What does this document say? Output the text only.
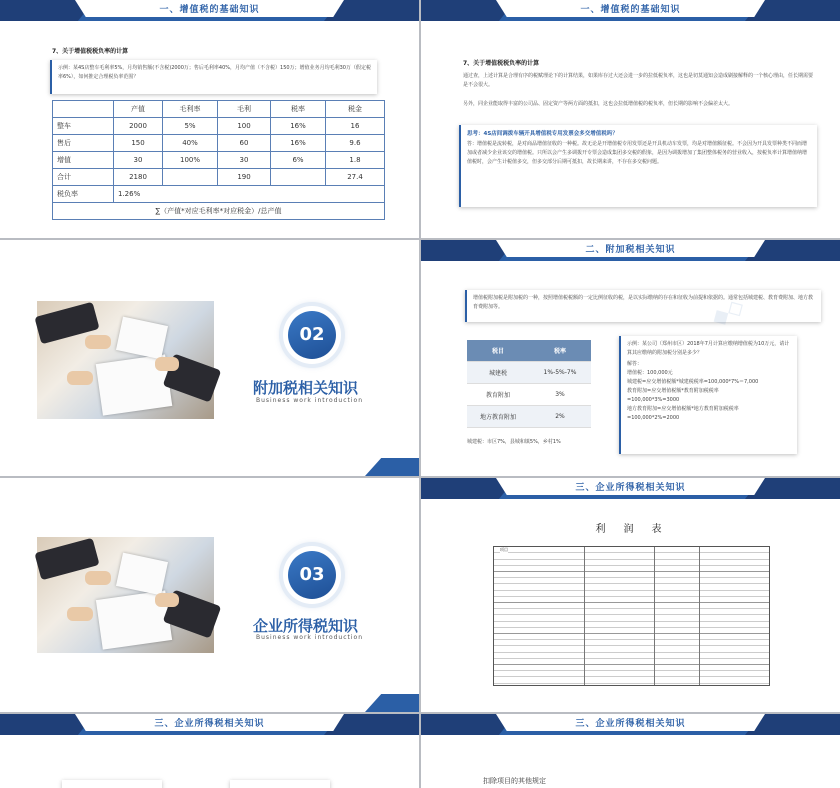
一、增值税的基础知识
7、关于增值税税负率的计算
示例：某4S店整车毛利率5%，月均销售额(不含税)2000万；售后毛利率40%，月均产值（不含税）150万；增值业务月均毛利30万（假定税率6%），如何推定合理税负率范围？
	产值	毛利率	毛利	税率	税金
整车	2000	5%	100	16%	16
售后	150	40%	60	16%	9.6
增值	30	100%	30	6%	1.8
合计	2180		190		27.4
税负率	1.26%				
∑（产值*对应毛利率*对应税金）/总产值					
一、增值税的基础知识
7、关于增值税税负率的计算
通过查，上述计算是合理有序的税赋理论下的计算结果，如果库存过大还会进一步的拉低税负率，这也是切莫通知会造成刷接解释的一个核心理由，任长期需要是不会很大。
另外，同企业能取得丰富的公司品、固定资产等两方面的抵扣，这也会拉低增值税的税负率，但长期的影响不会偏差太大。
思考：4S店间调拨车辆开具增值税专用发票会多交增值税吗？
答：增值税是流转税，是对商品增值征收的一种税。故无论是开增值税专用发票还是开具机动车发票，均是对增值额征税。不会因为开具发票种类不同而增加或者减少企业该交的增值税。只所以会产生多调拨开专票会造成集团多交税的假象，是因为调拨增加了集团整体税务的营业收入，按税负率计算增值纳增值税时，会产生计税值多交，但多交部分后期可抵扣，故长期来讲，不存在多交税问题。
02
附加税相关知识
Business work introduction
二、附加税相关知识
增值税附加税是附加税的一种，按照增值税税额的一定比例征收的税，是以实际缴纳的存在和征收为前提和依据的。通常包括城建税、教育费附加、地方教育费附加等。
税目	税率
城建税	1%-5%-7%
教育附加	3%
地方教育附加	2%
城建税：市区7%，县城和镇5%，乡村1%
示例：某公司（郑州市区）2018年7月计算应缴纳增值税为10万元，请计算其应缴纳的附加税分别是多少？
解答：
增值税：100,000元
城建税=应交增值税额*城建税税率=100,000*7%＝7,000
教育附加=应交增值税额*教育附加税税率
=100,000*3%=3000
地方教育附加=应交增值税额*地方教育附加税税率
=100,000*2%=2000
◆◇
03
企业所得税知识
Business work introduction
三、企业所得税相关知识
利　润　表
项目
三、企业所得税相关知识	三、企业所得税相关知识
扣除项目的其他规定
